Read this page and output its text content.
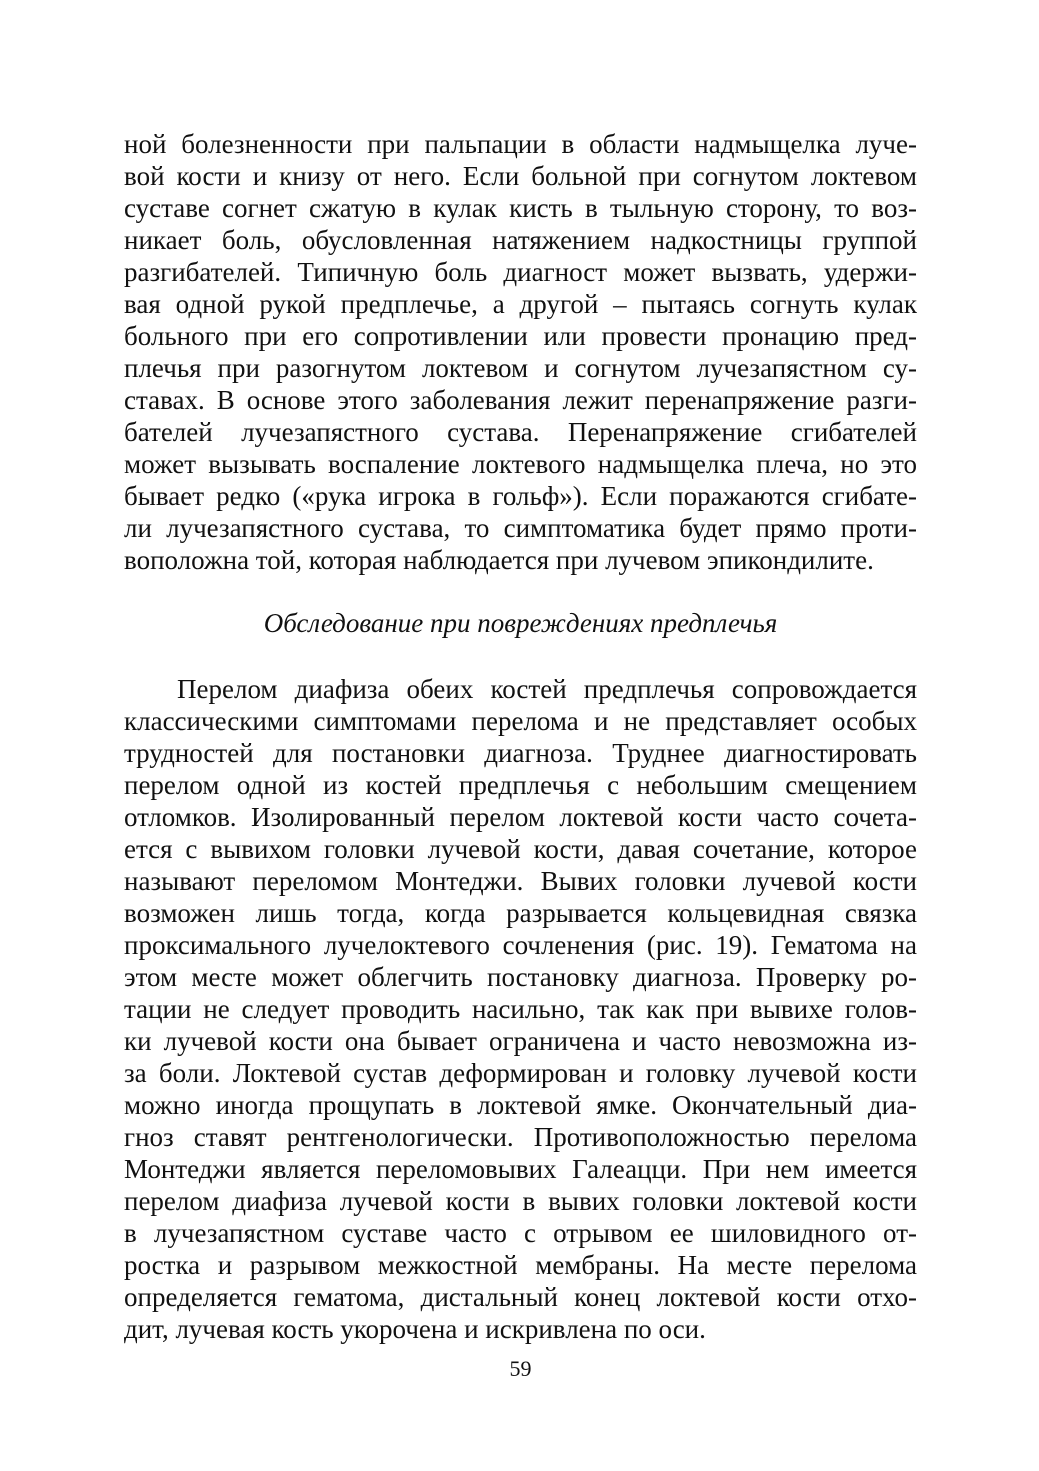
ной болезненности при пальпации в области надмыщелка луче-
вой кости и книзу от него. Если больной при согнутом локтевом
суставе согнет сжатую в кулак кисть в тыльную сторону, то воз-
никает боль, обусловленная натяжением надкостницы группой
разгибателей. Типичную боль диагност может вызвать, удержи-
вая одной рукой предплечье, а другой – пытаясь согнуть кулак
больного при его сопротивлении или провести пронацию пред-
плечья при разогнутом локтевом и согнутом лучезапястном су-
ставах. В основе этого заболевания лежит перенапряжение разги-
бателей лучезапястного сустава. Перенапряжение сгибателей
может вызывать воспаление локтевого надмыщелка плеча, но это
бывает редко («рука игрока в гольф»). Если поражаются сгибате-
ли лучезапястного сустава, то симптоматика будет прямо проти-
воположна той, которая наблюдается при лучевом эпикондилите.
Обследование при повреждениях предплечья
Перелом диафиза обеих костей предплечья сопровождается
классическими симптомами перелома и не представляет особых
трудностей для постановки диагноза. Труднее диагностировать
перелом одной из костей предплечья с небольшим смещением
отломков. Изолированный перелом локтевой кости часто сочета-
ется с вывихом головки лучевой кости, давая сочетание, которое
называют переломом Монтеджи. Вывих головки лучевой кости
возможен лишь тогда, когда разрывается кольцевидная связка
проксимального лучелоктевого сочленения (рис. 19). Гематома на
этом месте может облегчить постановку диагноза. Проверку ро-
тации не следует проводить насильно, так как при вывихе голов-
ки лучевой кости она бывает ограничена и часто невозможна из-
за боли. Локтевой сустав деформирован и головку лучевой кости
можно иногда прощупать в локтевой ямке. Окончательный диа-
гноз ставят рентгенологически. Противоположностью перелома
Монтеджи является переломовывих Галеацци. При нем имеется
перелом диафиза лучевой кости в вывих головки локтевой кости
в лучезапястном суставе часто с отрывом ее шиловидного от-
ростка и разрывом межкостной мембраны. На месте перелома
определяется гематома, дистальный конец локтевой кости отхо-
дит, лучевая кость укорочена и искривлена по оси.
59
